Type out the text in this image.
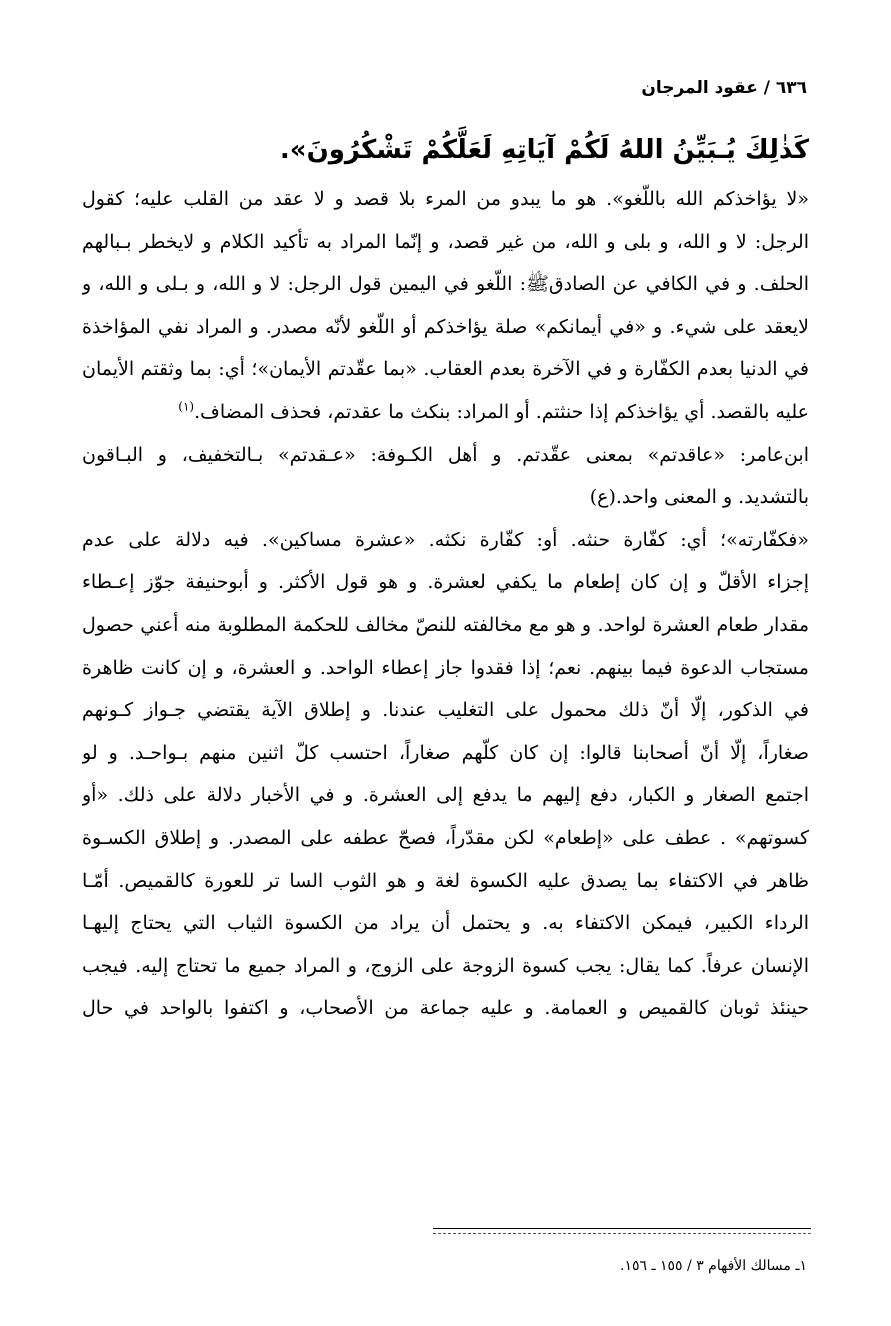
٦٣٦ / عقود المرجان
كَذٰلِكَ يُـبَيِّنُ اللهُ لَكُمْ آيَاتِهِ لَعَلَّكُمْ تَشْكُرُونَ».
«لا يؤاخذكم الله باللّغو». هو ما يبدو من المرء بلا قصد و لا عقد من القلب عليه؛ كقول
الرجل: لا و الله، و بلى و الله، من غير قصد، و إنّما المراد به تأكيد الكلام و لايخطر بـبالهم
الحلف. و في الكافي عن الصادقﷺ: اللّغو في اليمين قول الرجل: لا و الله، و بـلى و الله، و
لايعقد على شيء. و «في أيمانكم» صلة يؤاخذكم أو اللّغو لأنّه مصدر. و المراد نفي المؤاخذة
في الدنيا بعدم الكفّارة و في الآخرة بعدم العقاب. «بما عقّدتم الأيمان»؛ أي: بما وثقتم الأيمان
عليه بالقصد. أي يؤاخذكم إذا حنثتم. أو المراد: بنكث ما عقدتم، فحذف المضاف.$^{(١)}$
ابن‌عامر: «عاقدتم» بمعنى عقّدتم. و أهل الكـوفة: «عـقدتم» بـالتخفيف، و البـاقون
بالتشديد. و المعنى واحد.(ع)
«فكفّارته»؛ أي: كفّارة حنثه. أو: كفّارة نكثه. «عشرة مساكين». فيه دلالة على عدم
إجزاء الأقلّ و إن كان إطعام ما يكفي لعشرة. و هو قول الأكثر. و أبوحنيفة جوّز إعـطاء
مقدار طعام العشرة لواحد. و هو مع مخالفته للنصّ مخالف للحكمة المطلوبة منه أعني حصول
مستجاب الدعوة فيما بينهم. نعم؛ إذا فقدوا جاز إعطاء الواحد. و العشرة، و إن كانت ظاهرة
في الذكور، إلّا أنّ ذلك محمول على التغليب عندنا. و إطلاق الآية يقتضي جـواز كـونهم
صغاراً، إلّا أنّ أصحابنا قالوا: إن كان كلّهم صغاراً، احتسب كلّ اثنين منهم بـواحـد. و لو
اجتمع الصغار و الكبار، دفع إليهم ما يدفع إلى العشرة. و في الأخبار دلالة على ذلك. «أو
كسوتهم» . عطف على «إطعام» لكن مقدّراً، فصحّ عطفه على المصدر. و إطلاق الكسـوة
ظاهر في الاكتفاء بما يصدق عليه الكسوة لغة و هو الثوب السا تر للعورة كالقميص. أمّـا
الرداء الكبير، فيمكن الاكتفاء به. و يحتمل أن يراد من الكسوة الثياب التي يحتاج إليهـا
الإنسان عرفاً. كما يقال: يجب كسوة الزوجة على الزوج، و المراد جميع ما تحتاج إليه. فيجب
حينئذ ثوبان كالقميص و العمامة. و عليه جماعة من الأصحاب، و اكتفوا بالواحد في حال
١ـ مسالك الأفهام ٣ / ١٥٥ ـ ١٥٦.
